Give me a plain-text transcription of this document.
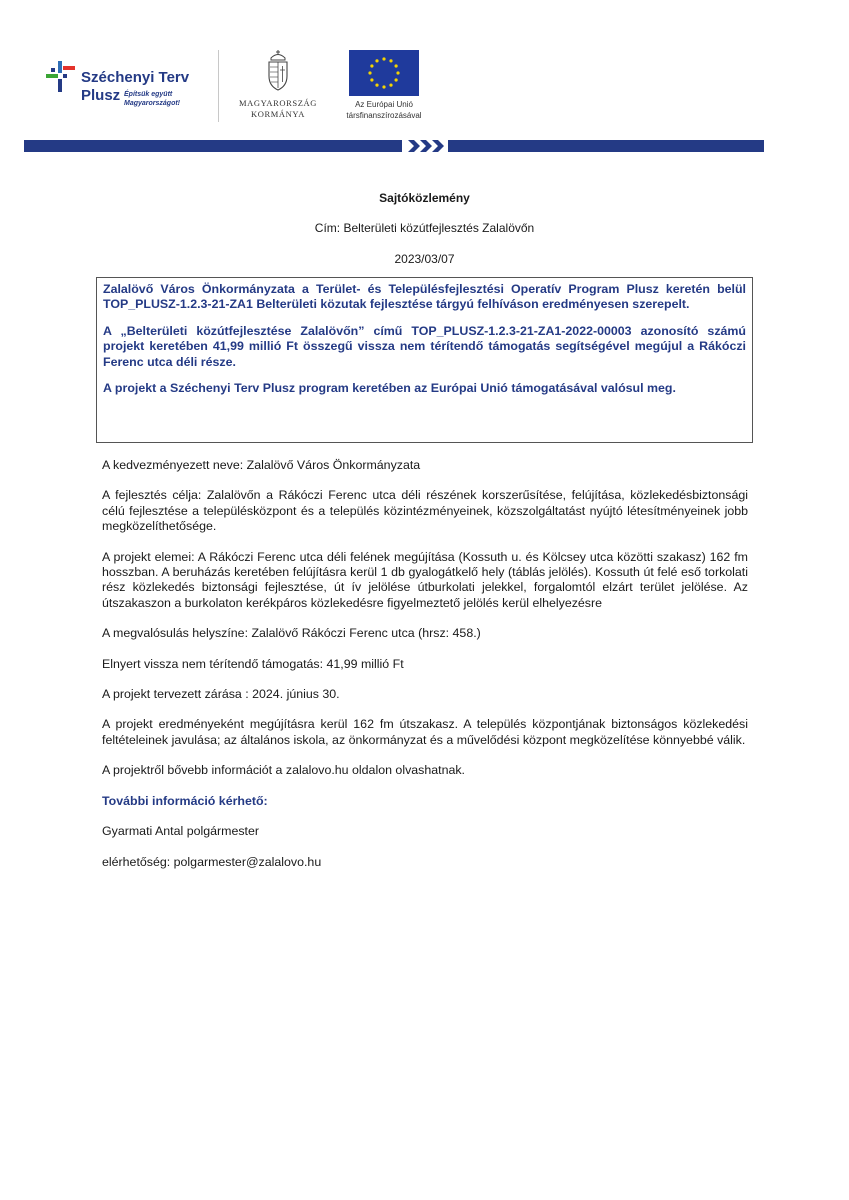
Széchenyi Terv
Plusz Építsük együtt
Magyarországot!	MAGYARORSZÁG
KORMÁNYA
Az Európai Unió
társfinanszírozásával
Sajtóközlemény
Cím: Belterületi közútfejlesztés Zalalövőn
2023/03/07

Zalalövő Város Önkormányzata a Terület- és Településfejlesztési Operatív Program Plusz keretén belül TOP_PLUSZ-1.2.3-21-ZA1 Belterületi közutak fejlesztése tárgyú felhíváson eredményesen szerepelt.

A „Belterületi közútfejlesztése Zalalövőn” című TOP_PLUSZ-1.2.3-21-ZA1-2022-00003 azonosító számú projekt keretében 41,99 millió Ft összegű vissza nem térítendő támogatás segítségével megújul a Rákóczi Ferenc utca déli része.

A projekt a Széchenyi Terv Plusz program keretében az Európai Unió támogatásával valósul meg.

A kedvezményezett neve: Zalalövő Város Önkormányzata

A fejlesztés célja: Zalalövőn a Rákóczi Ferenc utca déli részének korszerűsítése, felújítása, közlekedésbiztonsági célú fejlesztése a településközpont és a település közintézményeinek, közszolgáltatást nyújtó létesítményeinek jobb megközelíthetősége.

A projekt elemei: A Rákóczi Ferenc utca déli felének megújítása (Kossuth u. és Kölcsey utca közötti szakasz) 162 fm hosszban. A beruházás keretében felújításra kerül 1 db gyalogátkelő hely (táblás jelölés). Kossuth út felé eső torkolati rész közlekedés biztonsági fejlesztése, út ív jelölése útburkolati jelekkel, forgalomtól elzárt terület jelölése. Az útszakaszon a burkolaton kerékpáros közlekedésre figyelmeztető jelölés kerül elhelyezésre

A megvalósulás helyszíne: Zalalövő Rákóczi Ferenc utca (hrsz: 458.)

Elnyert vissza nem térítendő támogatás: 41,99 millió Ft

A projekt tervezett zárása : 2024. június 30.

A projekt eredményeként megújításra kerül 162 fm útszakasz. A település központjának biztonságos közlekedési feltételeinek javulása; az általános iskola, az önkormányzat és a művelődési központ megközelítése könnyebbé válik.

A projektről bővebb információt a zalalovo.hu oldalon olvashatnak.

További információ kérhető:

Gyarmati Antal polgármester

elérhetőség: polgarmester@zalalovo.hu
